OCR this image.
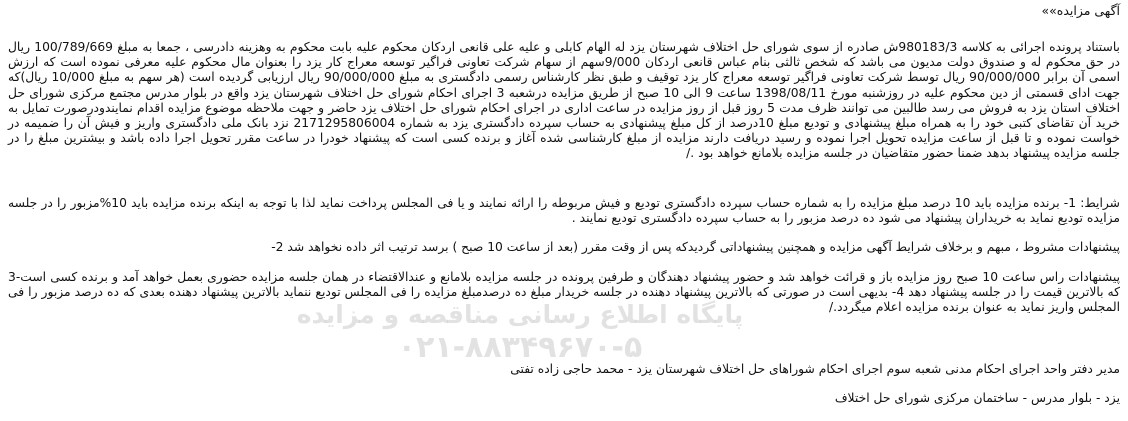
آگهی مزایده»»

باستناد پرونده اجرائی به کلاسه 980183/3ش صادره از سوی شورای حل اختلاف شهرستان یزد له الهام کابلی و علیه علی قانعی اردکان محکوم علیه بابت محکوم به وهزینه دادرسی ، جمعا به مبلغ 100/789/669 ریال در حق محکوم له و صندوق دولت مدیون می باشد که شخص ثالثی بنام عباس قانعی اردکان 9/000سهم از سهام شرکت تعاونی فراگیر توسعه معراج کار یزد را بعنوان مال محکوم علیه معرفی نموده است که ارزش اسمی آن برابر 90/000/000 ریال توسط شرکت تعاونی فراگیر توسعه معراج کار یزد توقیف و طبق نظر کارشناس رسمی دادگستری به مبلغ 90/000/000 ریال ارزیابی گردیده است (هر سهم به مبلغ 10/000 ریال)که جهت ادای قسمتی از دین محکوم علیه در روزشنبه مورخ 1398/08/11 ساعت 9 الی 10 صبح از طریق مزایده درشعبه 3 اجرای احکام شورای حل اختلاف شهرستان یزد واقع در بلوار مدرس مجتمع مرکزی شورای حل اختلاف استان یزد به فروش می رسد طالبین می توانند ظرف مدت 5 روز قبل از روز مزایده در ساعت اداری در اجرای احکام شورای حل اختلاف یزد حاضر و جهت ملاحظه موضوع مزایده اقدام نمایندودرصورت تمایل به خرید آن تقاضای کتبی خود را به همراه مبلغ پیشنهادی و تودیع مبلغ 10درصد از کل مبلغ پیشنهادی به حساب سپرده دادگستری یزد به شماره 2171295806004 نزد بانک ملی دادگستری واریز و فیش آن را ضمیمه در خواست نموده و تا قبل از ساعت مزایده تحویل اجرا نموده و رسید دریافت دارند مزایده از مبلغ کارشناسی شده آغاز و برنده کسی است که پیشنهاد خودرا در ساعت مقرر تحویل اجرا داده باشد و بیشترین مبلغ را در جلسه مزایده پیشنهاد بدهد ضمنا حضور متقاضیان در جلسه مزایده بلامانع خواهد بود ./

شرایط: 1- برنده مزایده باید 10 درصد مبلغ مزایده را به شماره حساب سپرده دادگستری تودیع و فیش مربوطه را ارائه نمایند و یا فی المجلس پرداخت نماید لذا با توجه به اینکه برنده مزایده باید 10%مزبور را در جلسه مزایده تودیع نماید به خریداران پیشنهاد می شود ده درصد مزبور را به حساب سپرده دادگستری تودیع نمایند .

پیشنهادات مشروط ، مبهم و برخلاف شرایط آگهی مزایده و همچنین پیشنهاداتی گردیدکه پس از وقت مقرر (بعد از ساعت 10 صبح ) برسد ترتیب اثر داده نخواهد شد 2-

پیشنهادات راس ساعت 10 صبح روز مزایده باز و قرائت خواهد شد و حضور پیشنهاد دهندگان و طرفین پرونده در جلسه مزایده بلامانع و عندالاقتضاء در همان جلسه مزایده حضوری بعمل خواهد آمد و برنده کسی است-3 که بالاترین قیمت را در جلسه پیشنهاد دهد 4- بدیهی است در صورتی که بالاترین پیشنهاد دهنده در جلسه خریدار مبلغ ده درصدمبلغ مزایده را فی المجلس تودیع ننماید بالاترین پیشنهاد دهنده بعدی که ده درصد مزبور را فی المجلس واریز نماید به عنوان برنده مزایده اعلام میگردد./

پایگاه اطلاع رسانی مناقصه و مزایده
۰۲۱-۸۸۳۴۹۶۷۰-۵
مدیر دفتر واحد اجرای احکام مدنی شعبه سوم اجرای احکام شوراهای حل اختلاف شهرستان یزد - محمد حاجی زاده تفتی
یزد - بلوار مدرس - ساختمان مرکزی شورای حل اختلاف
